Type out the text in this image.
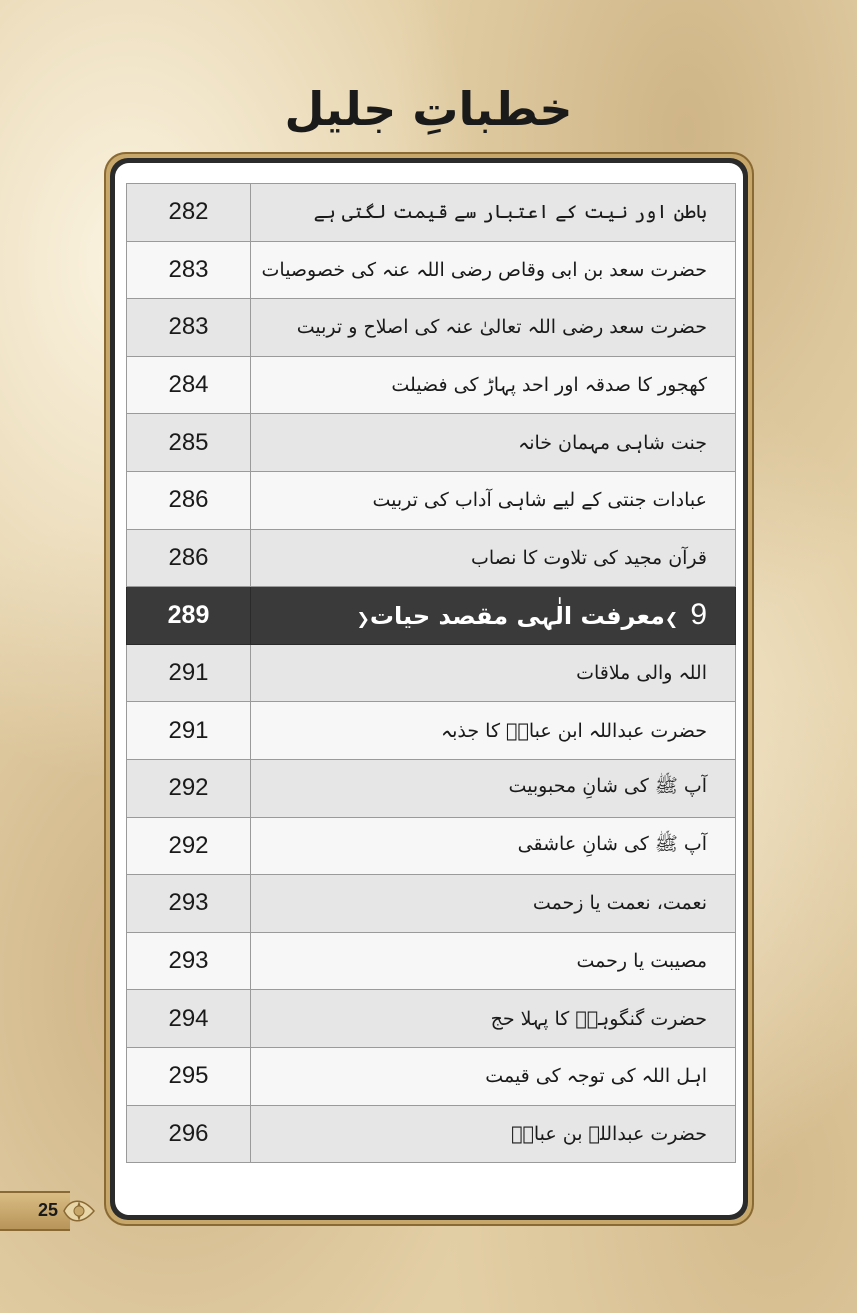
خطباتِ جلیل
282	باطن اور نیت کے اعتبار سے قیمت لگتی ہے
283	حضرت سعد بن ابی وقاص رضی اللہ عنہ کی خصوصیات
283	حضرت سعد رضی اللہ تعالیٰ عنہ کی اصلاح و تربیت
284	کھجور کا صدقہ اور احد پہاڑ کی فضیلت
285	جنت شاہی مہمان خانہ
286	عبادات جنتی کے لیے شاہی آداب کی تربیت
286	قرآن مجید کی تلاوت کا نصاب
289	9❯معرفت الٰہی مقصد حیات❮
291	اللہ والی ملاقات
291	حضرت عبداللہ ابن عباسؓ کا جذبہ
292	آپ ﷺ کی شانِ محبوبیت
292	آپ ﷺ کی شانِ عاشقی
293	نعمت، نعمت یا زحمت
293	مصیبت یا رحمت
294	حضرت گنگوہیؒ کا پہلا حج
295	اہل اللہ کی توجہ کی قیمت
296	حضرت عبداللہ بن عباسؓ
25
